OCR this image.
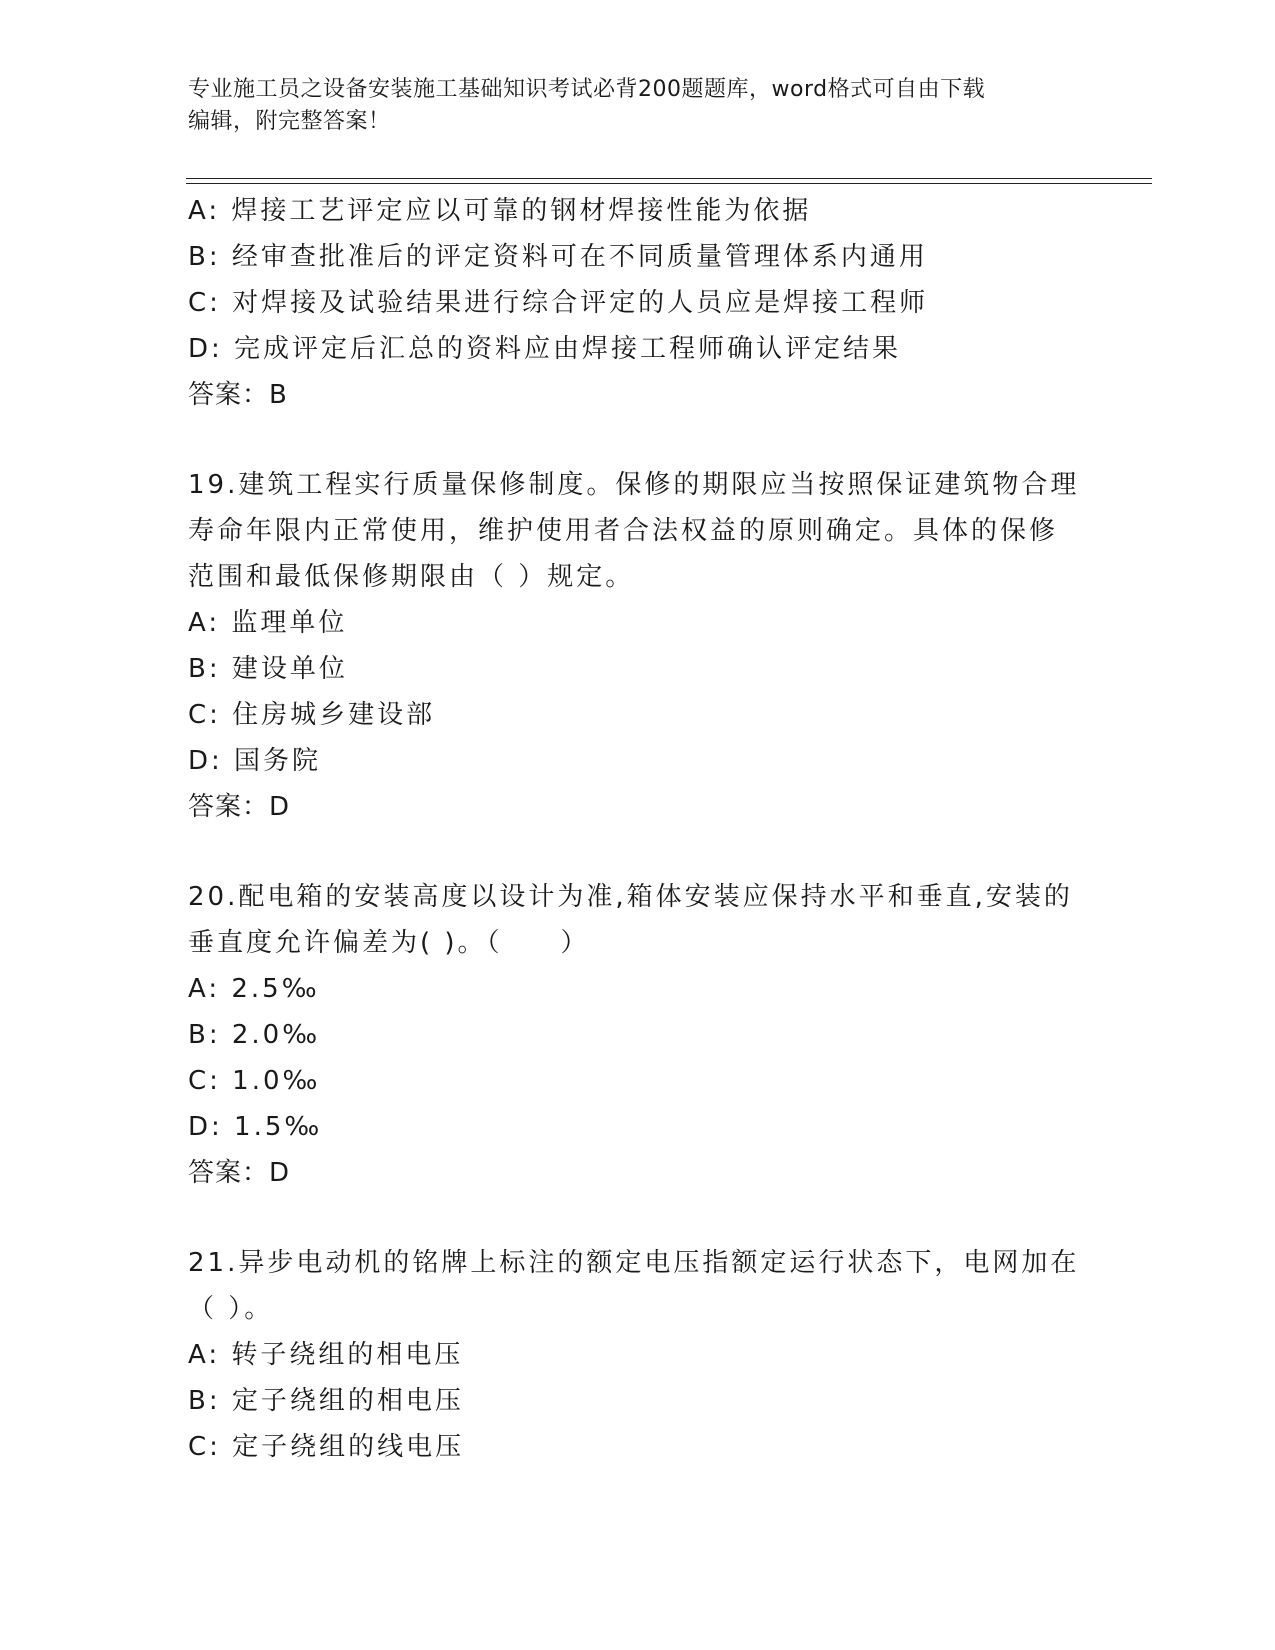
专业施工员之设备安装施工基础知识考试必背200题题库，word格式可自由下载
编辑，附完整答案！
A: 焊接工艺评定应以可靠的钢材焊接性能为依据
B: 经审查批准后的评定资料可在不同质量管理体系内通用
C: 对焊接及试验结果进行综合评定的人员应是焊接工程师
D: 完成评定后汇总的资料应由焊接工程师确认评定结果
答案：B
19.建筑工程实行质量保修制度。保修的期限应当按照保证建筑物合理
寿命年限内正常使用，维护使用者合法权益的原则确定。具体的保修
范围和最低保修期限由（ ）规定。
A: 监理单位
B: 建设单位
C: 住房城乡建设部
D: 国务院
答案：D
20.配电箱的安装高度以设计为准,箱体安装应保持水平和垂直,安装的
垂直度允许偏差为( )。（　　）
A: 2.5‰
B: 2.0‰
C: 1.0‰
D: 1.5‰
答案：D
21.异步电动机的铭牌上标注的额定电压指额定运行状态下，电网加在
（ ）。
A: 转子绕组的相电压
B: 定子绕组的相电压
C: 定子绕组的线电压
